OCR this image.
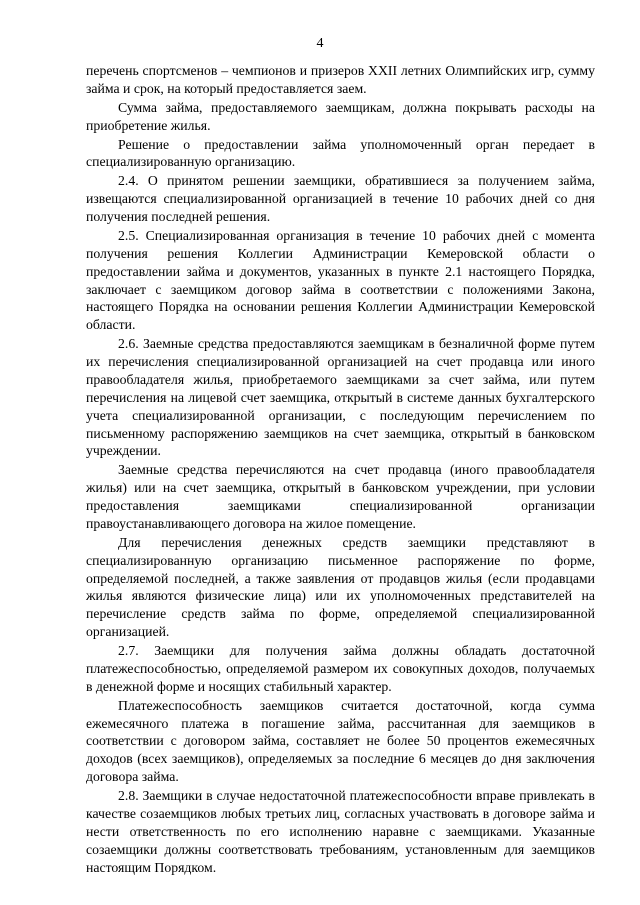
4

перечень спортсменов – чемпионов и призеров XXII летних Олимпийских игр, сумму займа и срок, на который предоставляется заем.

Сумма займа, предоставляемого заемщикам, должна покрывать расходы на приобретение жилья.

Решение о предоставлении займа уполномоченный орган передает в специализированную организацию.

2.4. О принятом решении заемщики, обратившиеся за получением займа, извещаются специализированной организацией в течение 10 рабочих дней со дня получения последней решения.

2.5. Специализированная организация в течение 10 рабочих дней с момента получения решения Коллегии Администрации Кемеровской области о предоставлении займа и документов, указанных в пункте 2.1 настоящего Порядка, заключает с заемщиком договор займа в соответствии с положениями Закона, настоящего Порядка на основании решения Коллегии Администрации Кемеровской области.

2.6. Заемные средства предоставляются заемщикам в безналичной форме путем их перечисления специализированной организацией на счет продавца или иного правообладателя жилья, приобретаемого заемщиками за счет займа, или путем перечисления на лицевой счет заемщика, открытый в системе данных бухгалтерского учета специализированной организации, с последующим перечислением по письменному распоряжению заемщиков на счет заемщика, открытый в банковском учреждении.

Заемные средства перечисляются на счет продавца (иного правообладателя жилья) или на счет заемщика, открытый в банковском учреждении, при условии предоставления заемщиками специализированной организации правоустанавливающего договора на жилое помещение.

Для перечисления денежных средств заемщики представляют в специализированную организацию письменное распоряжение по форме, определяемой последней, а также заявления от продавцов жилья (если продавцами жилья являются физические лица) или их уполномоченных представителей на перечисление средств займа по форме, определяемой специализированной организацией.

2.7. Заемщики для получения займа должны обладать достаточной платежеспособностью, определяемой размером их совокупных доходов, получаемых в денежной форме и носящих стабильный характер.

Платежеспособность заемщиков считается достаточной, когда сумма ежемесячного платежа в погашение займа, рассчитанная для заемщиков в соответствии с договором займа, составляет не более 50 процентов ежемесячных доходов (всех заемщиков), определяемых за последние 6 месяцев до дня заключения договора займа.

2.8. Заемщики в случае недостаточной платежеспособности вправе привлекать в качестве созаемщиков любых третьих лиц, согласных участвовать в договоре займа и нести ответственность по его исполнению наравне с заемщиками. Указанные созаемщики должны соответствовать требованиям, установленным для заемщиков настоящим Порядком.
